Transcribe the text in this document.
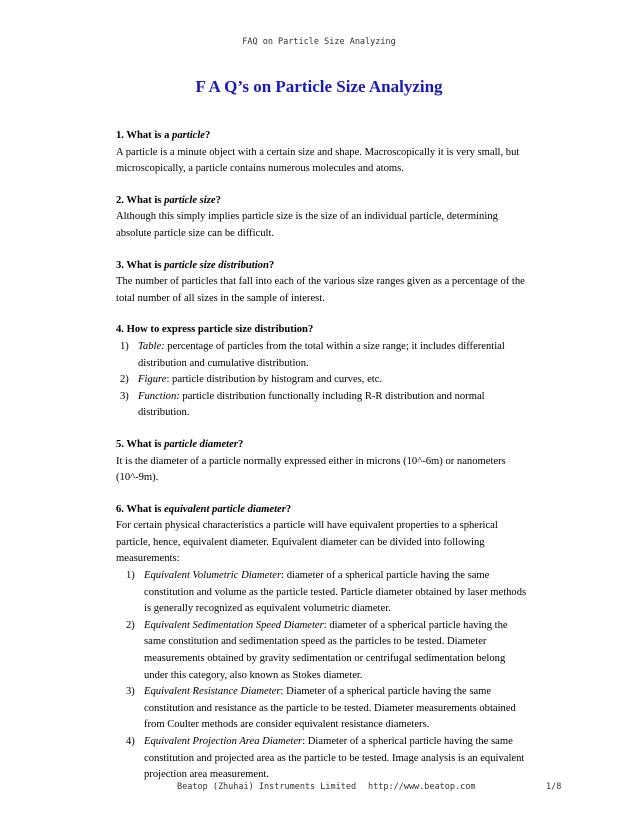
FAQ on Particle Size Analyzing
F A Q’s on Particle Size Analyzing

1. What is a particle?

A particle is a minute object with a certain size and shape. Macroscopically it is very small, but microscopically, a particle contains numerous molecules and atoms.

2. What is particle size?

Although this simply implies particle size is the size of an individual particle, determining absolute particle size can be difficult.

3. What is particle size distribution?

The number of particles that fall into each of the various size ranges given as a percentage of the total number of all sizes in the sample of interest.

4. How to express particle size distribution?

1) Table: percentage of particles from the total within a size range; it includes differential distribution and cumulative distribution.
2) Figure: particle distribution by histogram and curves, etc.
3) Function: particle distribution functionally including R-R distribution and normal distribution.

5. What is particle diameter?

It is the diameter of a particle normally expressed either in microns (10^-6m) or nanometers (10^-9m).

6. What is equivalent particle diameter?

For certain physical characteristics a particle will have equivalent properties to a spherical particle, hence, equivalent diameter. Equivalent diameter can be divided into following measurements:

1) Equivalent Volumetric Diameter: diameter of a spherical particle having the same constitution and volume as the particle tested. Particle diameter obtained by laser methods is generally recognized as equivalent volumetric diameter.
2) Equivalent Sedimentation Speed Diameter: diameter of a spherical particle having the same constitution and sedimentation speed as the particles to be tested. Diameter measurements obtained by gravity sedimentation or centrifugal sedimentation belong under this category, also known as Stokes diameter.
3) Equivalent Resistance Diameter: Diameter of a spherical particle having the same constitution and resistance as the particle to be tested. Diameter measurements obtained from Coulter methods are consider equivalent resistance diameters.
4) Equivalent Projection Area Diameter: Diameter of a spherical particle having the same constitution and projected area as the particle to be tested. Image analysis is an equivalent projection area measurement.
Beatop (Zhuhai) Instruments Limited http://www.beatop.com	1/8
